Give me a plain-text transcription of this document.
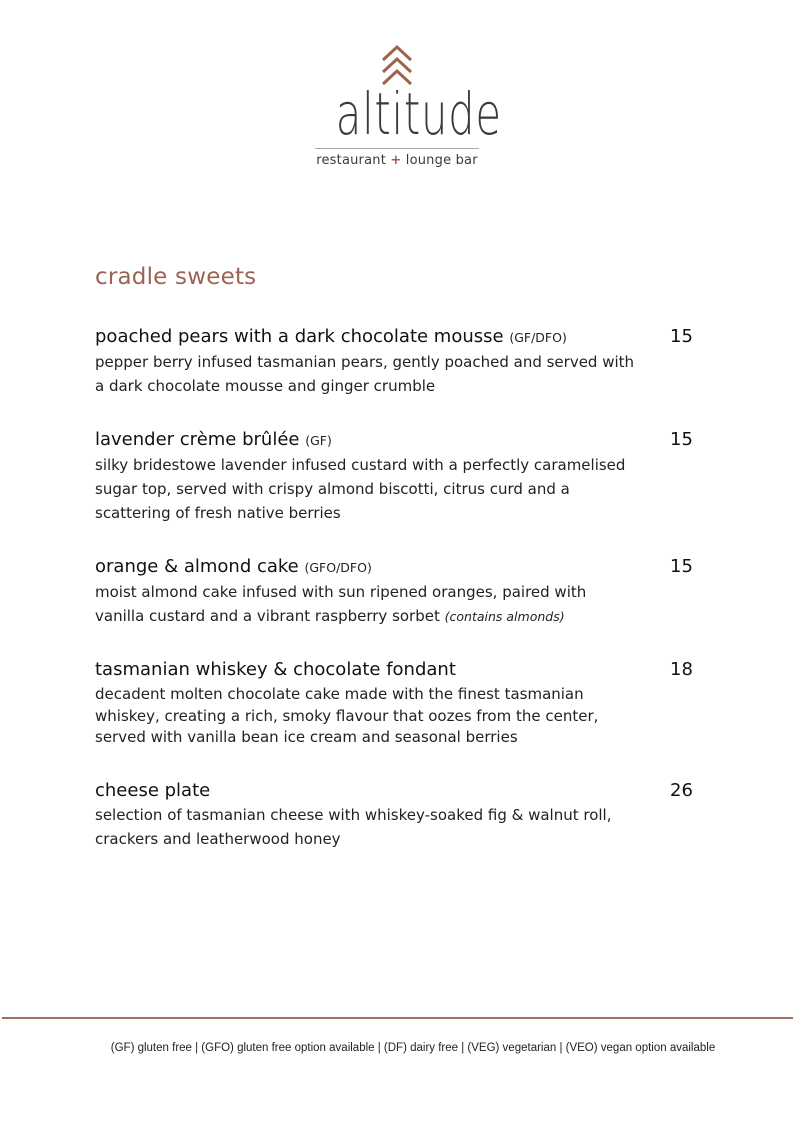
altitude
restaurant + lounge bar
cradle sweets
poached pears with a dark chocolate mousse (GF/DFO)	15
pepper berry infused tasmanian pears, gently poached and served with a dark chocolate mousse and ginger crumble
lavender crème brûlée (GF)	15
silky bridestowe lavender infused custard with a perfectly caramelised sugar top, served with crispy almond biscotti, citrus curd and a scattering of fresh native berries
orange & almond cake (GFO/DFO)	15
moist almond cake infused with sun ripened oranges, paired with vanilla custard and a vibrant raspberry sorbet (contains almonds)
tasmanian whiskey & chocolate fondant	18
decadent molten chocolate cake made with the finest tasmanian whiskey, creating a rich, smoky flavour that oozes from the center, served with vanilla bean ice cream and seasonal berries
cheese plate	26
selection of tasmanian cheese with whiskey-soaked fig & walnut roll, crackers and leatherwood honey
(GF) gluten free | (GFO) gluten free option available | (DF) dairy free | (VEG) vegetarian | (VEO) vegan option available
